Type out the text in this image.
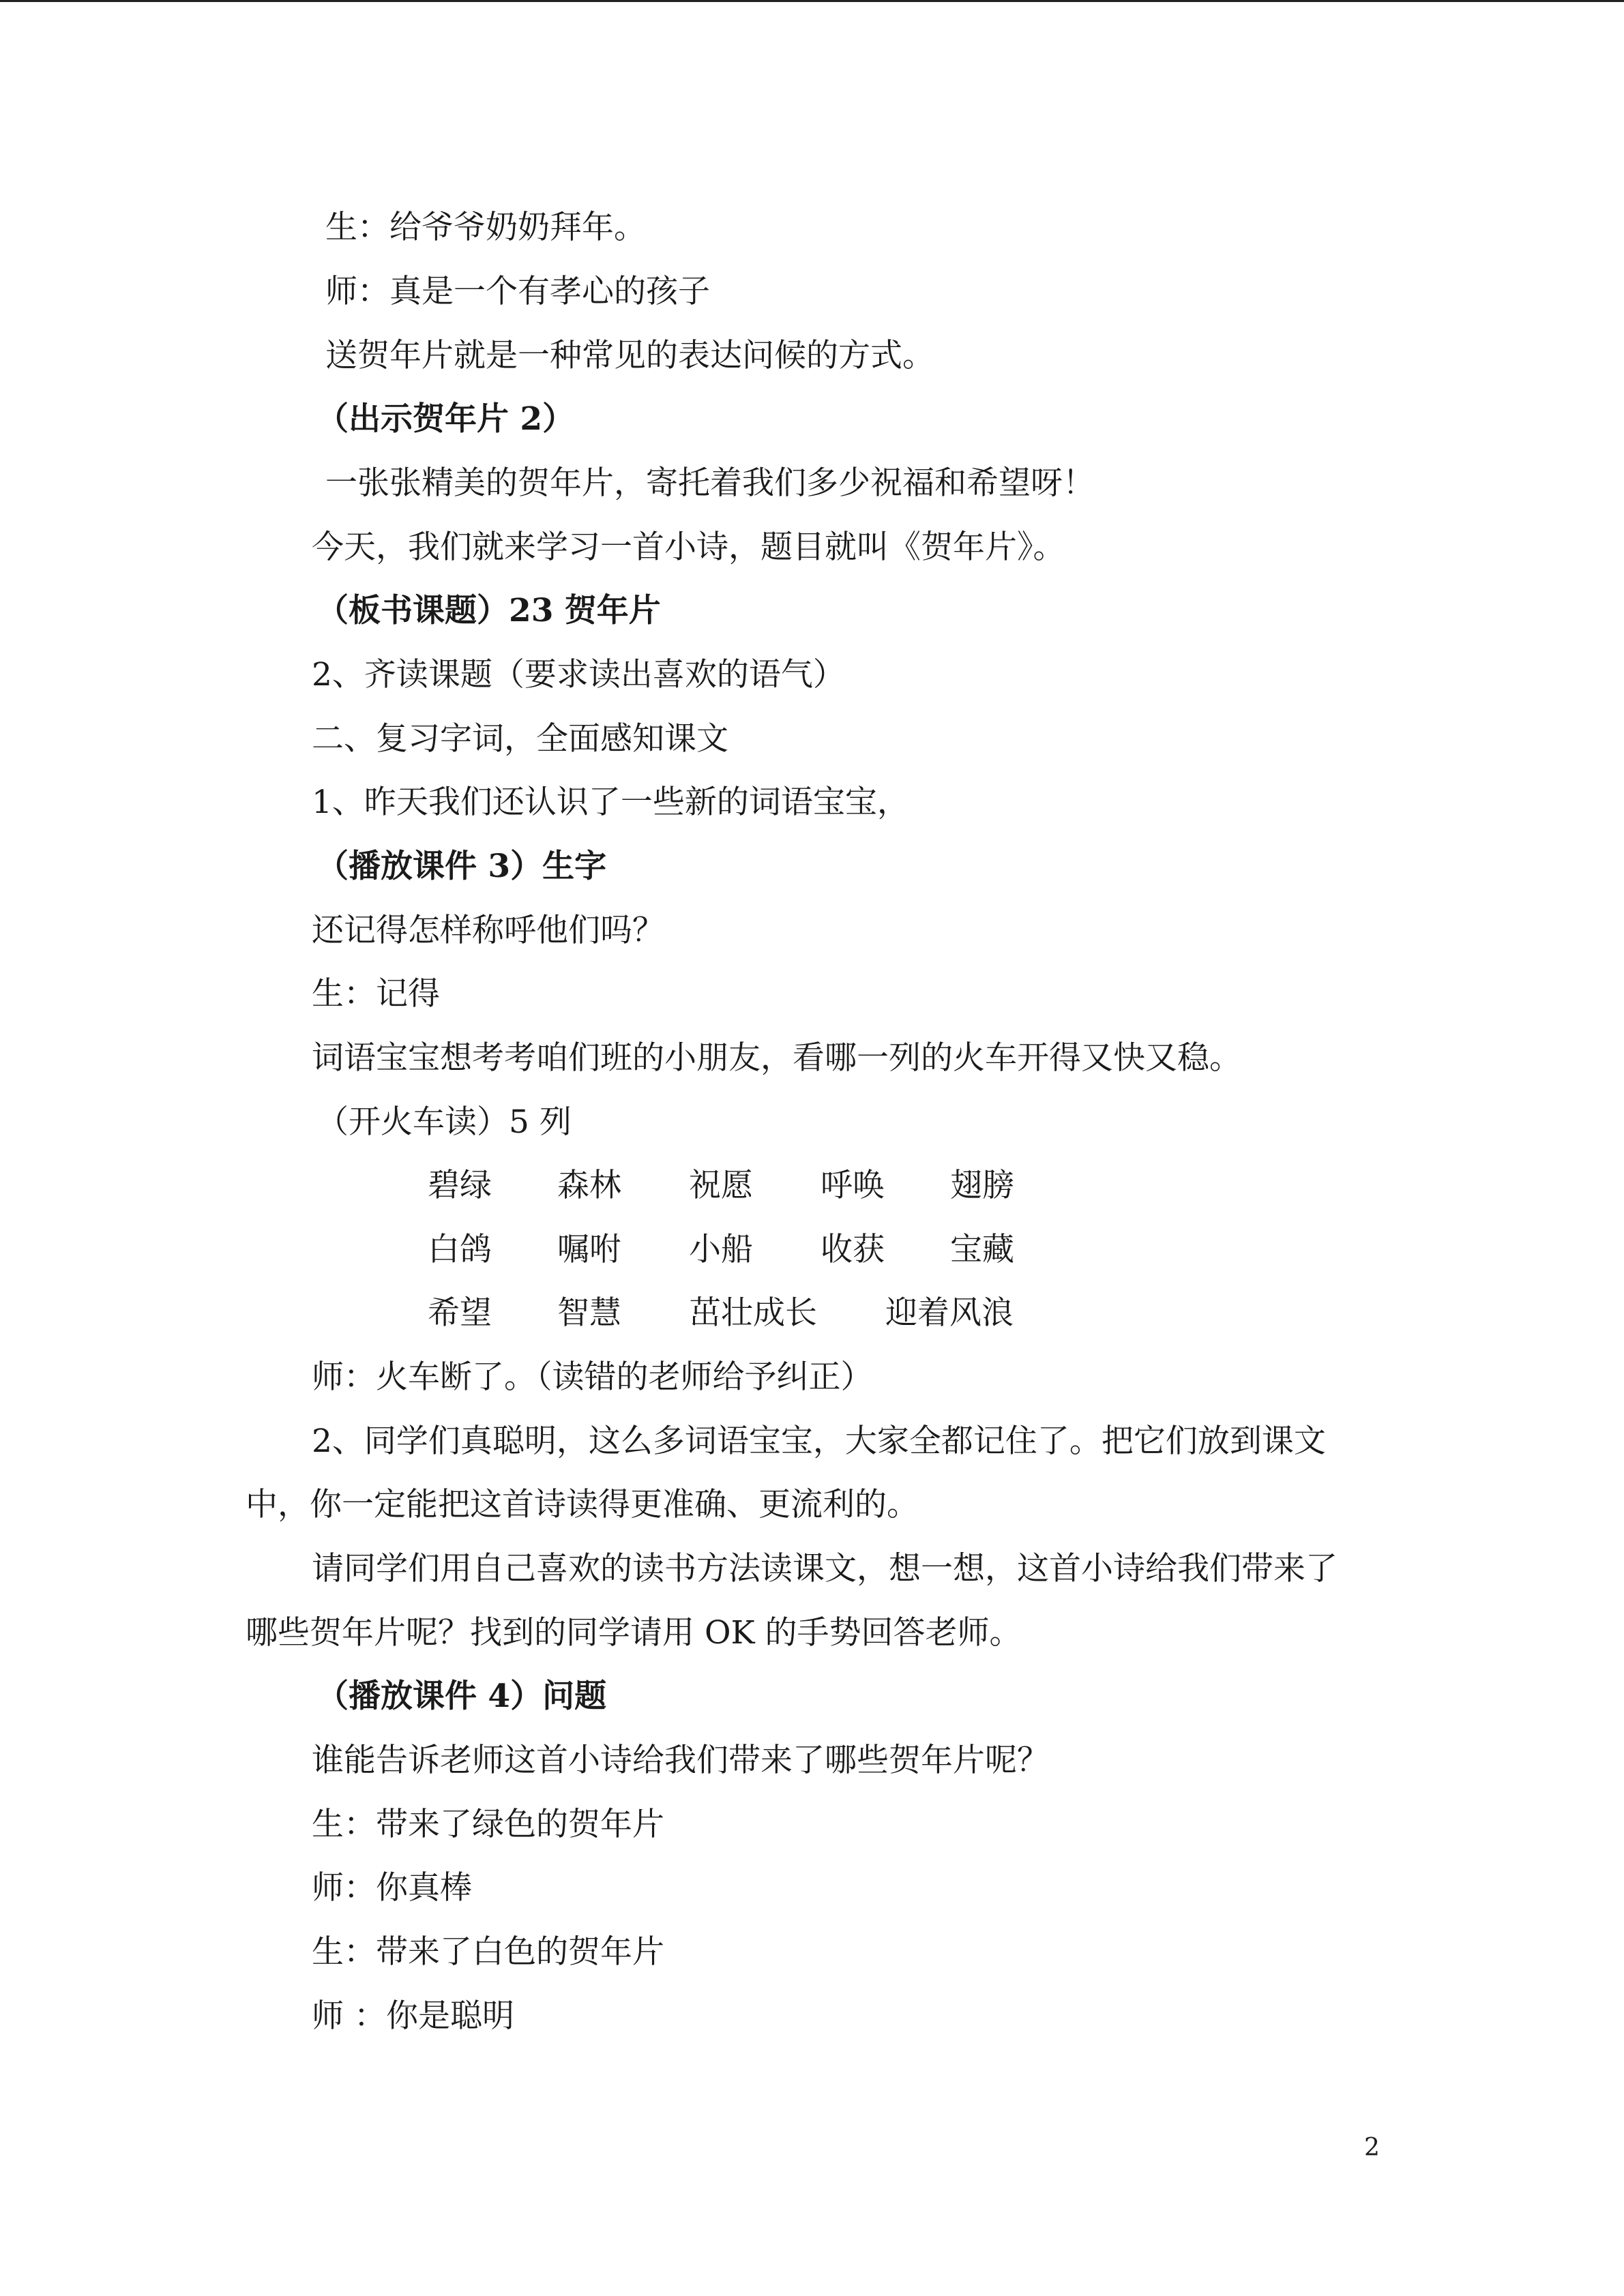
生：给爷爷奶奶拜年。
师：真是一个有孝心的孩子
送贺年片就是一种常见的表达问候的方式。
（出示贺年片 2）
一张张精美的贺年片，寄托着我们多少祝福和希望呀！
今天，我们就来学习一首小诗，题目就叫《贺年片》。
（板书课题）23 贺年片
2、齐读课题（要求读出喜欢的语气）
二、复习字词，全面感知课文
1、昨天我们还认识了一些新的词语宝宝，
（播放课件 3）生字
还记得怎样称呼他们吗？
生：记得
词语宝宝想考考咱们班的小朋友，看哪一列的火车开得又快又稳。
（开火车读）5 列
碧绿 森林 祝愿 呼唤 翅膀
白鸽 嘱咐 小船 收获 宝藏
希望 智慧 茁壮成长 迎着风浪
师：火车断了。（读错的老师给予纠正）
2、同学们真聪明，这么多词语宝宝，大家全都记住了。把它们放到课文
中，你一定能把这首诗读得更准确、更流利的。
请同学们用自己喜欢的读书方法读课文，想一想，这首小诗给我们带来了
哪些贺年片呢？找到的同学请用 OK 的手势回答老师。
（播放课件 4）问题
谁能告诉老师这首小诗给我们带来了哪些贺年片呢？
生：带来了绿色的贺年片
师：你真棒
生：带来了白色的贺年片
师 ：你是聪明
2
